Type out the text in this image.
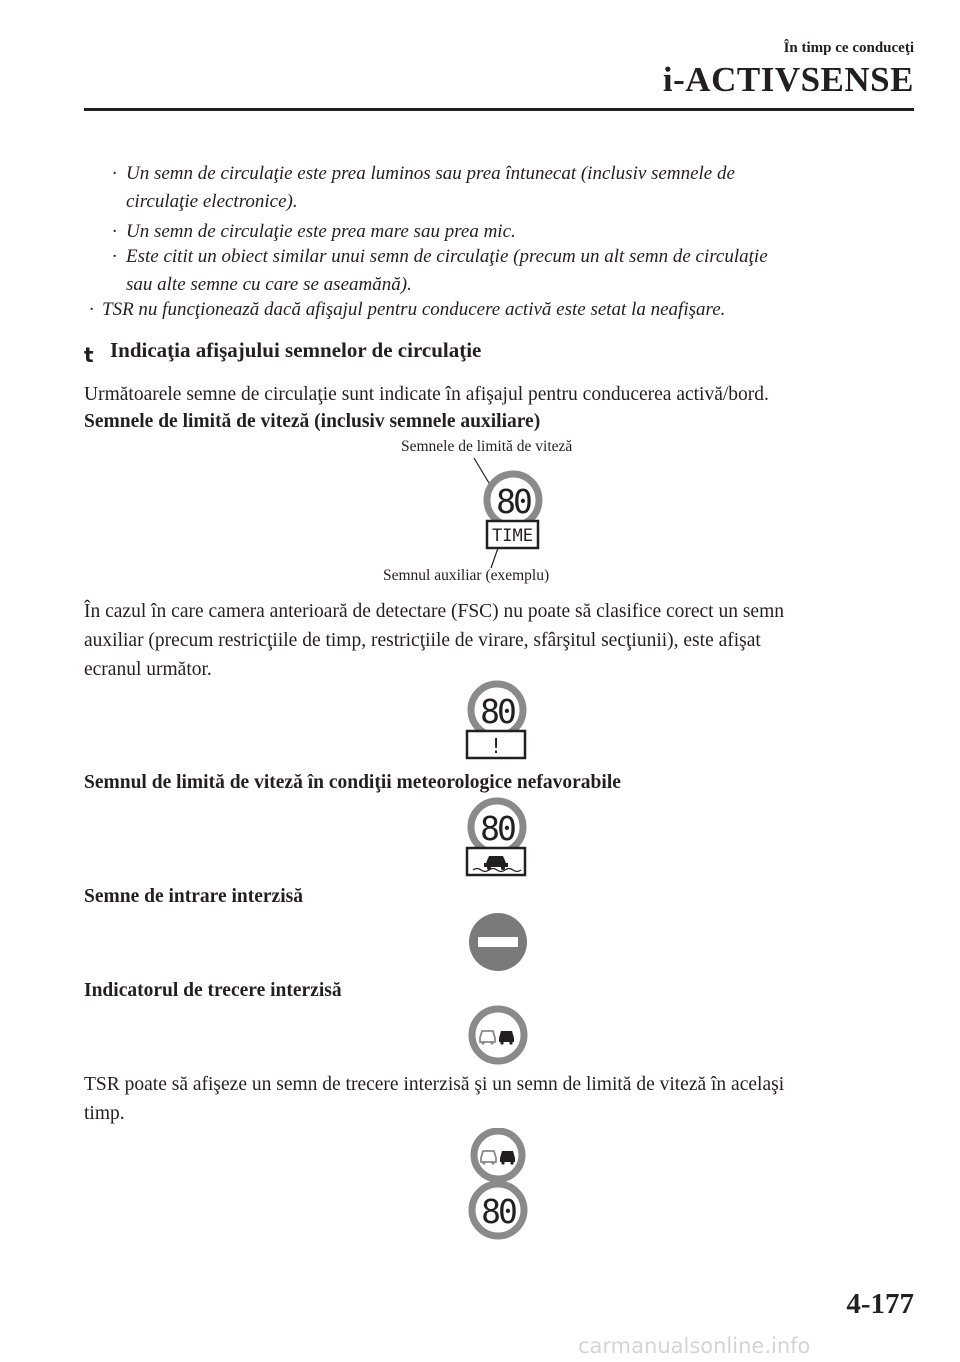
În timp ce conduceţi
i-ACTIVSENSE
· Un semn de circulaţie este prea luminos sau prea întunecat (inclusiv semnele de
circulaţie electronice).
· Un semn de circulaţie este prea mare sau prea mic.
· Este citit un obiect similar unui semn de circulaţie (precum un alt semn de circulaţie
sau alte semne cu care se aseamănă).
· TSR nu funcţionează dacă afişajul pentru conducere activă este setat la neafişare.
t Indicaţia afişajului semnelor de circulaţie
Următoarele semne de circulaţie sunt indicate în afişajul pentru conducerea activă/bord.
Semnele de limită de viteză (inclusiv semnele auxiliare)
Semnele de limită de viteză
80
TIME
Semnul auxiliar (exemplu)
În cazul în care camera anterioară de detectare (FSC) nu poate să clasifice corect un semn
auxiliar (precum restricţiile de timp, restricţiile de virare, sfârşitul secţiunii), este afişat
ecranul următor.
80
!
Semnul de limită de viteză în condiţii meteorologice nefavorabile
80
Semne de intrare interzisă
Indicatorul de trecere interzisă
TSR poate să afişeze un semn de trecere interzisă şi un semn de limită de viteză în acelaşi
timp.
80
4-177
carmanualsonline.info
